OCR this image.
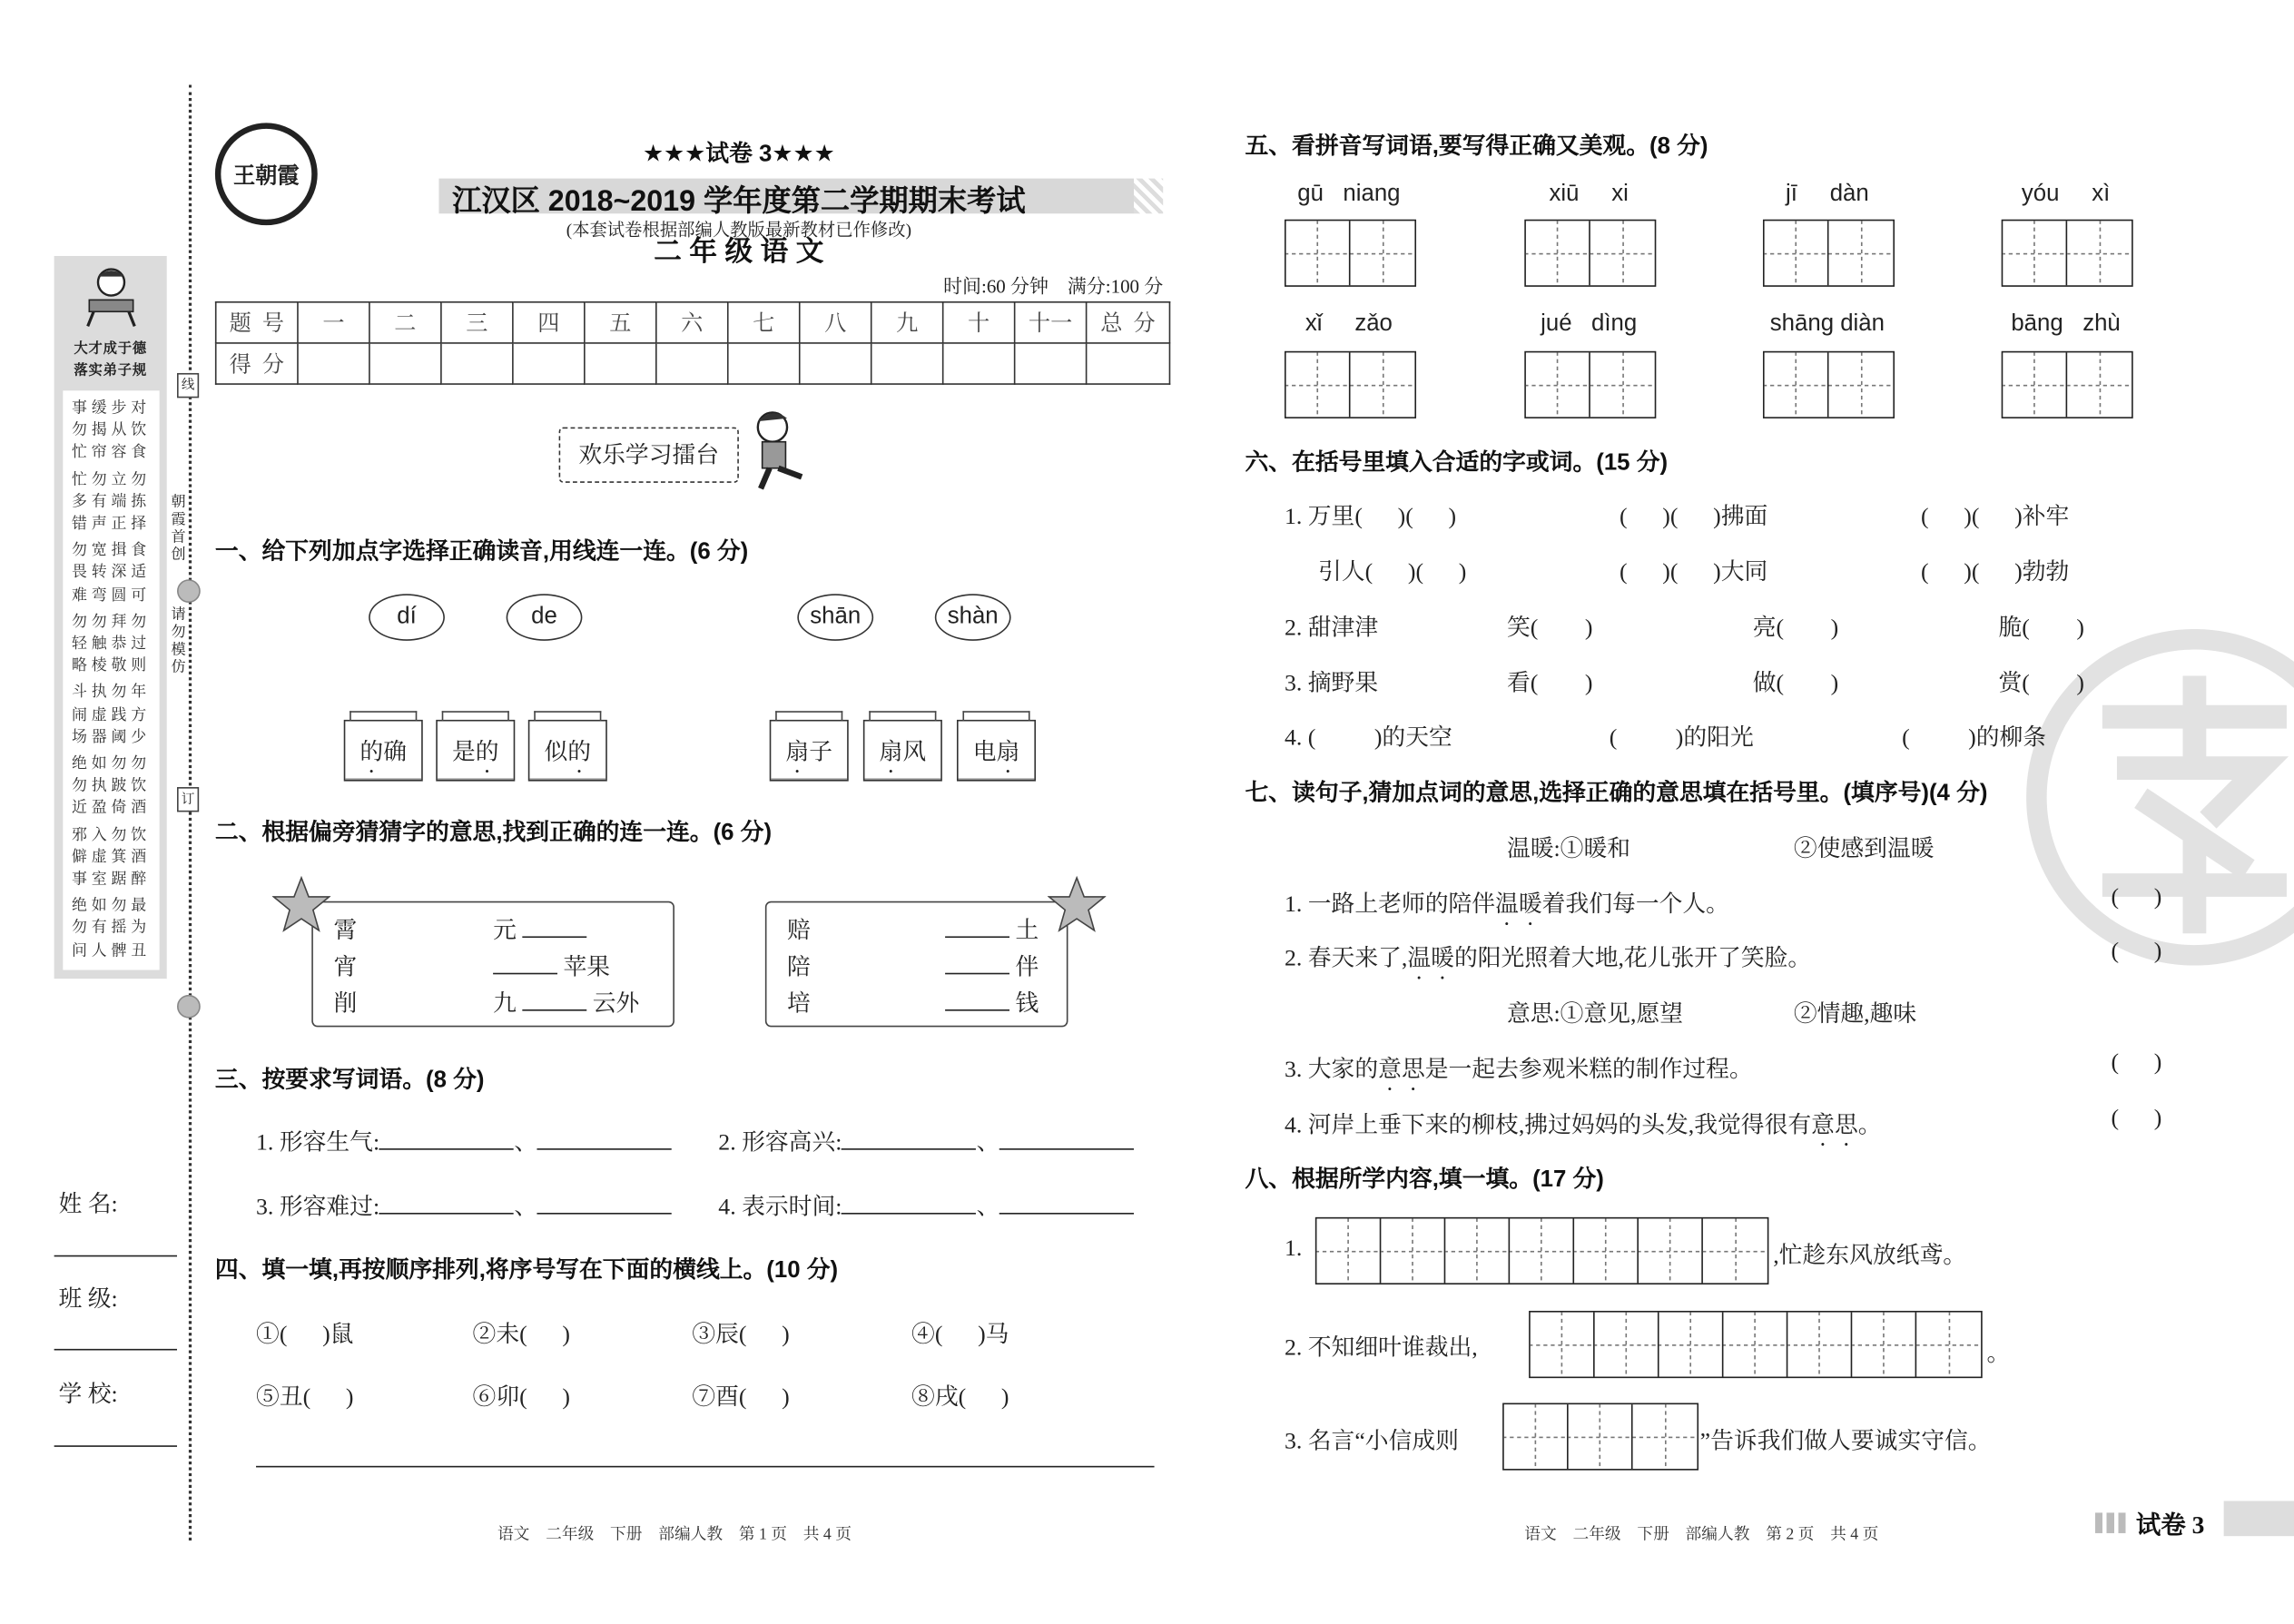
线
订
朝霞首创
请勿模仿
大才成于德
落实弟子规
事缓步对
勿揭从饮
忙帘容食
忙勿立勿
多有端拣
错声正择
勿宽揖食
畏转深适
难弯圆可
勿勿拜勿
轻触恭过
略棱敬则
斗执勿年
闹虚践方
场器阈少
绝如勿勿
勿执跛饮
近盈倚酒
邪入勿饮
僻虚箕酒
事室踞醉
绝如勿最
勿有摇为
问人髀丑
姓 名:
班 级:
学 校:
王朝霞
★★★试卷 3★★★
江汉区 2018~2019 学年度第二学期期末考试
(本套试卷根据部编人教版最新教材已作修改)
二 年 级 语 文
时间:60 分钟    满分:100 分
题  号	一	二	三	四	五	六	七	八	九	十	十一	总  分
得  分												
欢乐学习擂台
一、给下列加点字选择正确读音,用线连一连。(6 分)
dí	de	shān	shàn
的确	是的	似的	扇子	扇风	电扇
二、根据偏旁猜猜字的意思,找到正确的连一连。(6 分)
霄
宵
削
元
苹果
九	云外
赔
陪
培
土
伴
钱
三、按要求写词语。(8 分)
1. 形容生气:	、	2. 形容高兴:	、
3. 形容难过:	、	4. 表示时间:	、
四、填一填,再按顺序排列,将序号写在下面的横线上。(10 分)
①(      )鼠	②未(      )	③辰(      )	④(      )马
⑤丑(      )	⑥卯(      )	⑦酉(      )	⑧戌(      )
语文    二年级    下册    部编人教    第 1 页    共 4 页
五、看拼音写词语,要写得正确又美观。(8 分)
gū   niang	xiū     xi	jī     dàn	yóu     xì
xǐ     zǎo	jué   dìng	shāng diàn	bāng   zhù
六、在括号里填入合适的字或词。(15 分)
1. 万里(      )(      )	(      )(      )拂面	(      )(      )补牢
引人(      )(      )	(      )(      )大同	(      )(      )勃勃
2. 甜津津	笑(        )	亮(        )	脆(        )
3. 摘野果	看(        )	做(        )	赏(        )
4. (          )的天空	(          )的阳光	(          )的柳条
七、读句子,猜加点词的意思,选择正确的意思填在括号里。(填序号)(4 分)
温暖:①暖和	②使感到温暖
意思:①意见,愿望	②情趣,趣味
1. 一路上老师的陪伴温暖着我们每一个人。
2. 春天来了,温暖的阳光照着大地,花儿张开了笑脸。
3. 大家的意思是一起去参观米糕的制作过程。
4. 河岸上垂下来的柳枝,拂过妈妈的头发,我觉得很有意思。
(      )
(      )
(      )
(      )
八、根据所学内容,填一填。(17 分)
1.	,忙趁东风放纸鸢。
2. 不知细叶谁裁出,	。
3. 名言“小信成则	”告诉我们做人要诚实守信。
语文    二年级    下册    部编人教    第 2 页    共 4 页	试卷 3
